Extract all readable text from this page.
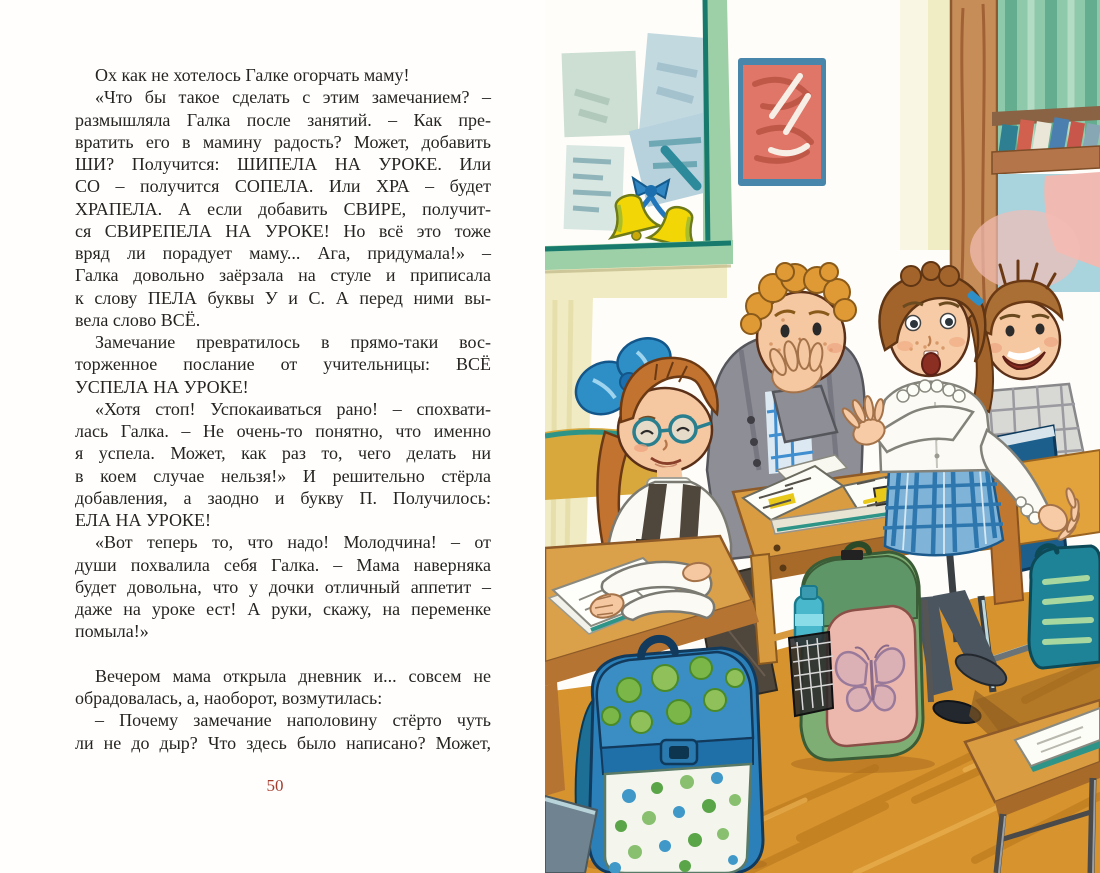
Ох как не хотелось Галке огорчать маму!
«Что бы такое сделать с этим замечанием? –
размышляла Галка после занятий. – Как пре-
вратить его в мамину радость? Может, добавить
ШИ? Получится: ШИПЕЛА НА УРОКЕ. Или
СО – получится СОПЕЛА. Или ХРА – будет
ХРАПЕЛА. А если добавить СВИРЕ, получит-
ся СВИРЕПЕЛА НА УРОКЕ! Но всё это тоже
вряд ли порадует маму... Ага, придумала!» –
Галка довольно заёрзала на стуле и приписала
к слову ПЕЛА буквы У и С. А перед ними вы-
вела слово ВСЁ.
Замечание превратилось в прямо-таки вос-
торженное послание от учительницы: ВСЁ
УСПЕЛА НА УРОКЕ!
«Хотя стоп! Успокаиваться рано! – спохвати-
лась Галка. – Не очень-то понятно, что именно
я успела. Может, как раз то, чего делать ни
в коем случае нельзя!» И решительно стёрла
добавления, а заодно и букву П. Получилось:
ЕЛА НА УРОКЕ!
«Вот теперь то, что надо! Молодчина! – от
души похвалила себя Галка. – Мама наверняка
будет довольна, что у дочки отличный аппетит –
даже на уроке ест! А руки, скажу, на переменке
помыла!»
Вечером мама открыла дневник и... совсем не
обрадовалась, а, наоборот, возмутилась:
– Почему замечание наполовину стёрто чуть
ли не до дыр? Что здесь было написано? Может,
50
